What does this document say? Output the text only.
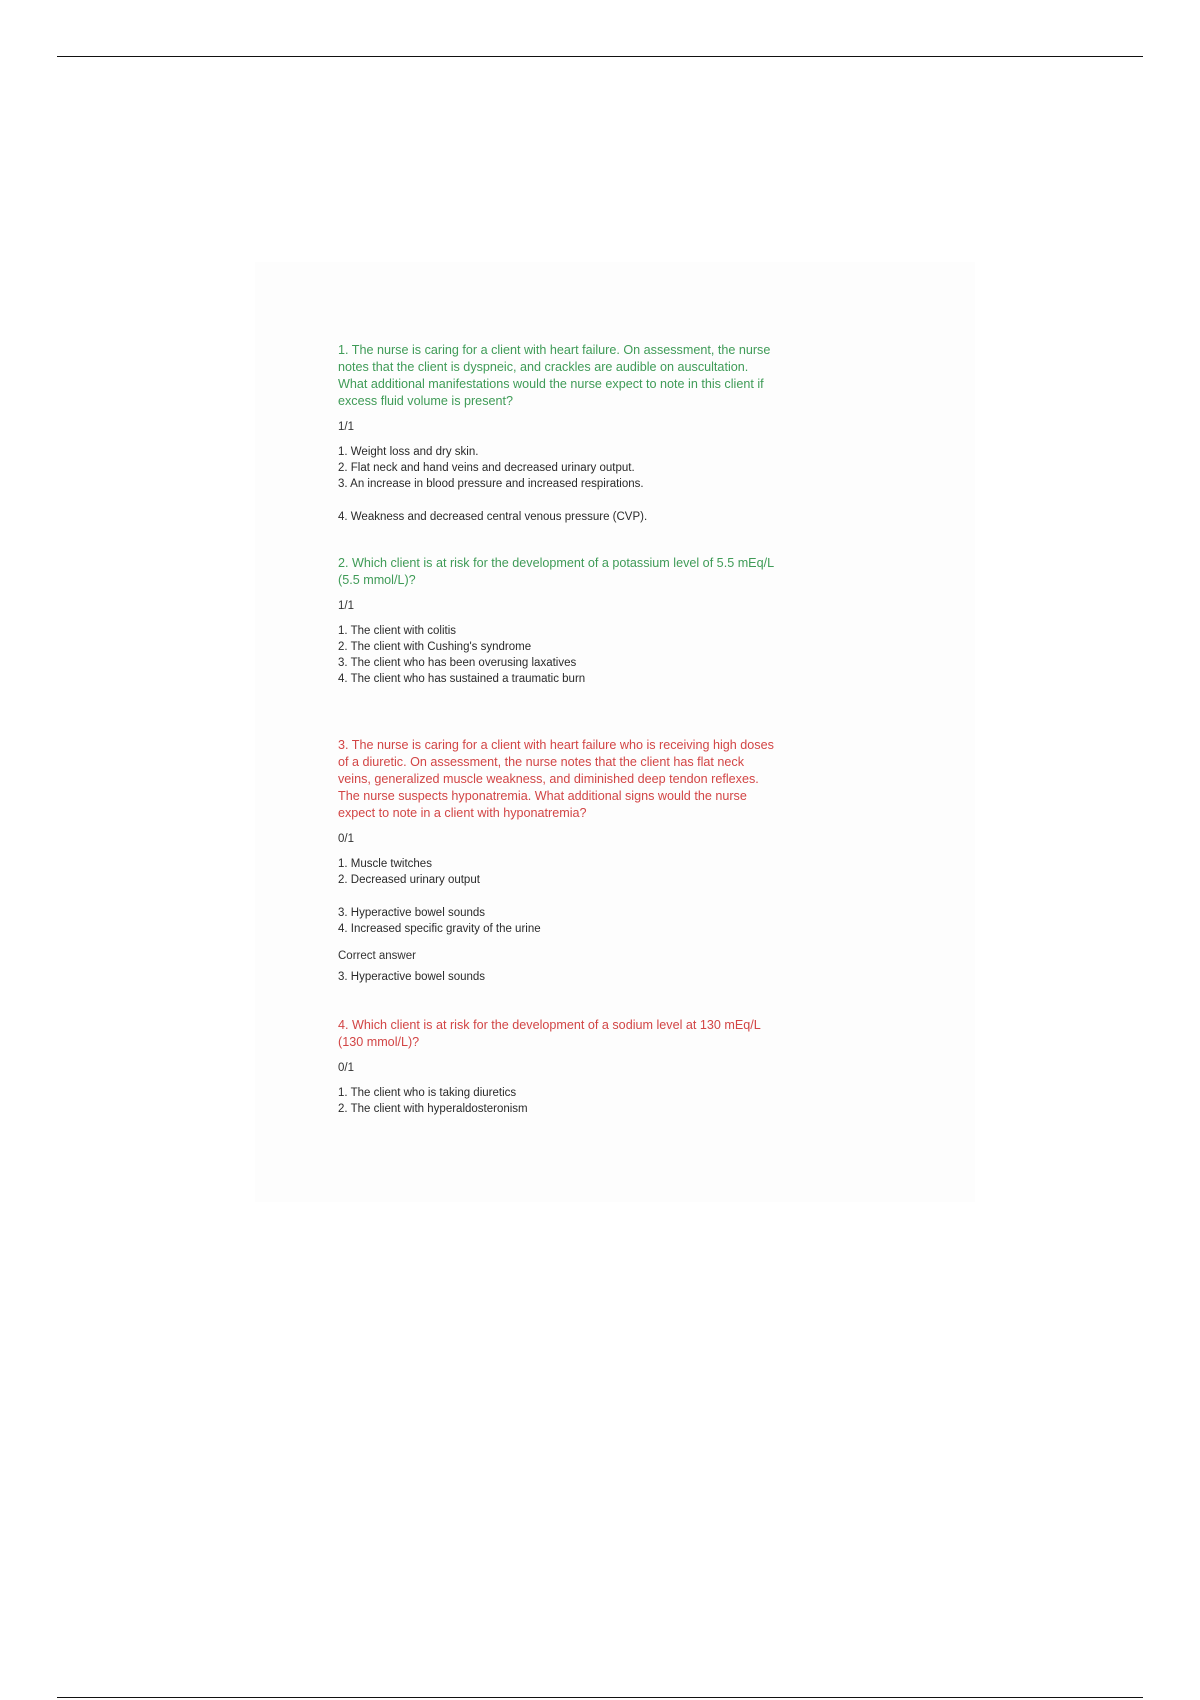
1. The nurse is caring for a client with heart failure. On assessment, the nurse notes that the client is dyspneic, and crackles are audible on auscultation. What additional manifestations would the nurse expect to note in this client if excess fluid volume is present?
1/1
1. Weight loss and dry skin.
2. Flat neck and hand veins and decreased urinary output.
3. An increase in blood pressure and increased respirations.
4. Weakness and decreased central venous pressure (CVP).
2. Which client is at risk for the development of a potassium level of 5.5 mEq/L (5.5 mmol/L)?
1/1
1. The client with colitis
2. The client with Cushing's syndrome
3. The client who has been overusing laxatives
4. The client who has sustained a traumatic burn
3. The nurse is caring for a client with heart failure who is receiving high doses of a diuretic. On assessment, the nurse notes that the client has flat neck veins, generalized muscle weakness, and diminished deep tendon reflexes. The nurse suspects hyponatremia. What additional signs would the nurse expect to note in a client with hyponatremia?
0/1
1. Muscle twitches
2. Decreased urinary output
3. Hyperactive bowel sounds
4. Increased specific gravity of the urine
Correct answer
3. Hyperactive bowel sounds
4. Which client is at risk for the development of a sodium level at 130 mEq/L (130 mmol/L)?
0/1
1. The client who is taking diuretics
2. The client with hyperaldosteronism
